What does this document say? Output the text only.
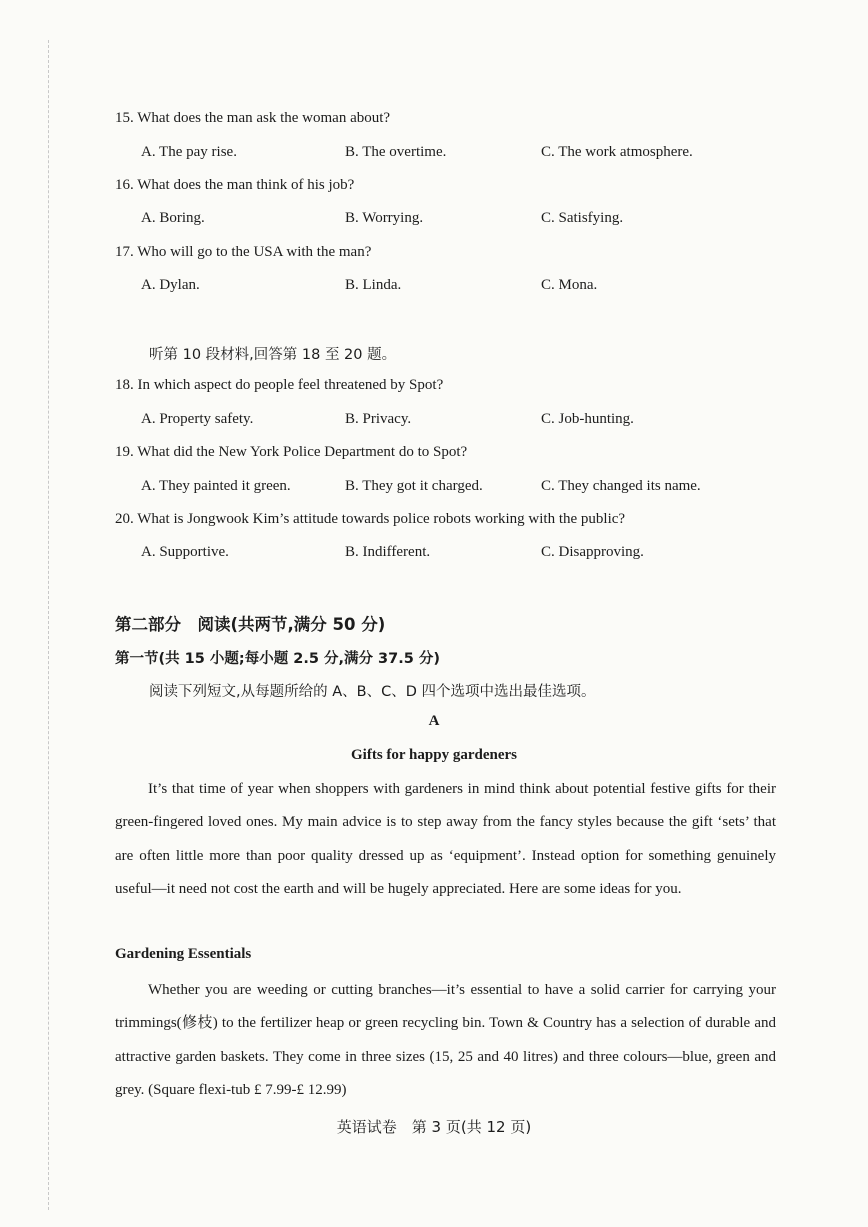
15. What does the man ask the woman about?
A. The pay rise.	B. The overtime.	C. The work atmosphere.
16. What does the man think of his job?
A. Boring.	B. Worrying.	C. Satisfying.
17. Who will go to the USA with the man?
A. Dylan.	B. Linda.	C. Mona.
听第 10 段材料,回答第 18 至 20 题。
18. In which aspect do people feel threatened by Spot?
A. Property safety.	B. Privacy.	C. Job-hunting.
19. What did the New York Police Department do to Spot?
A. They painted it green.	B. They got it charged.	C. They changed its name.
20. What is Jongwook Kim’s attitude towards police robots working with the public?
A. Supportive.	B. Indifferent.	C. Disapproving.
第二部分　阅读(共两节,满分 50 分)
第一节(共 15 小题;每小题 2.5 分,满分 37.5 分)
阅读下列短文,从每题所给的 A、B、C、D 四个选项中选出最佳选项。
A
Gifts for happy gardeners

It’s that time of year when shoppers with gardeners in mind think about potential festive gifts for their green-fingered loved ones. My main advice is to step away from the fancy styles because the gift ‘sets’ that are often little more than poor quality dressed up as ‘equipment’. Instead option for something genuinely useful—it need not cost the earth and will be hugely appreciated. Here are some ideas for you.

Gardening Essentials

Whether you are weeding or cutting branches—it’s essential to have a solid carrier for carrying your trimmings(修枝) to the fertilizer heap or green recycling bin. Town & Country has a selection of durable and attractive garden baskets. They come in three sizes (15, 25 and 40 litres) and three colours—blue, green and grey. (Square flexi-tub £ 7.99-£ 12.99)

英语试卷　第 3 页(共 12 页)
